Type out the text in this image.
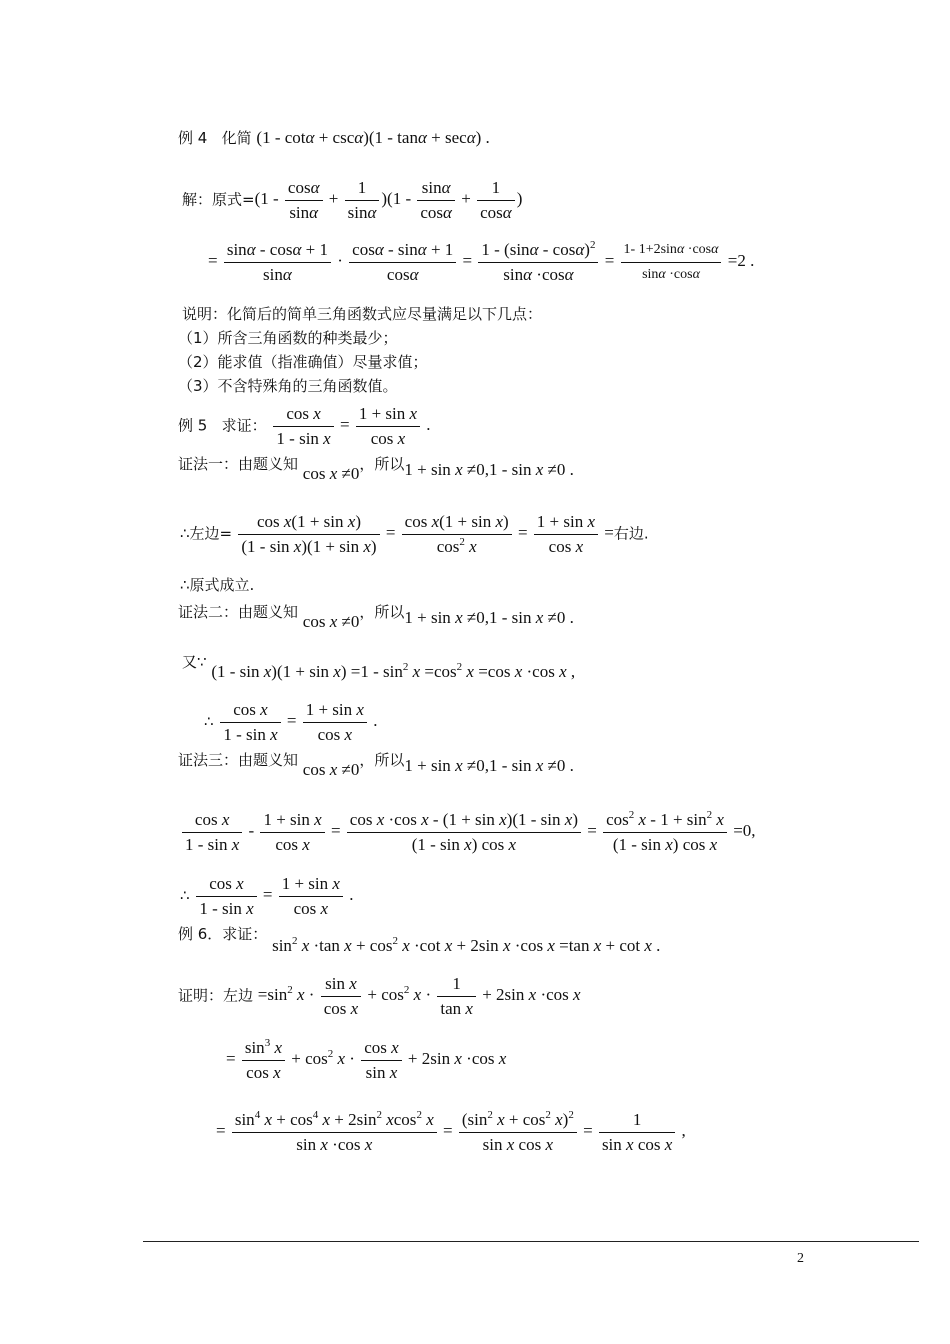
例 4 化简 (1 - cotα + cscα)(1 - tanα + secα) .
解：原式$=(1 - \frac{\cos\alpha}{\sin\alpha} + \frac{1}{\sin\alpha} )(1 - \frac{\sin\alpha}{\cos\alpha} + \frac{1}{\cos\alpha}$ )
= $\frac{\sin\alpha - \cos\alpha + 1}{\sin\alpha} \cdot \frac{\cos\alpha - \sin\alpha + 1}{\cos\alpha} = \frac{1 - (\sin\alpha - \cos\alpha)^2}{\sin\alpha \cdot\cos\alpha} = \frac{1- 1+2\sin\alpha \cdot\cos\alpha}{\sin\alpha \cdot\cos\alpha} =2$ .
说明：化简后的简单三角函数式应尽量满足以下几点：
（1）所含三角函数的种类最少；
（2）能求值（指准确值）尽量求值；
（3）不含特殊角的三角函数值。
例 5 求证： $\frac{\text{cos x}}{\text{1 - sin x}} = \frac{\text{1 + sin x}}{\text{cos x}}$ .
证法一：由题义知 cos x ≠0，所以1 + sin x ≠0,1 - sin x ≠0 .
∴左边= $\frac{\text{cos x(1 + sin x)}}{\text{(1 - sin x)(1 + sin x)}} = \frac{\text{cos x(1 + sin x)}}{\cos^2 x} = \frac{\text{1 + sin x}}{\text{cos x}}$ =右边.
∴原式成立.
证法二：由题义知 cos x ≠0，所以1 + sin x ≠0,1 - sin x ≠0 .
又∵ $(1 - \sin x)(1 + \sin x) =1 - \sin^2 x =\cos^2$ x =cos x ·cos x ,
∴ $\frac{\text{cos x}}{\text{1 - sin x}} = \frac{\text{1 + sin x}}{\text{cos x}}$ .
证法三：由题义知 cos x ≠0，所以1 + sin x ≠0,1 - sin x ≠0 .
$\frac{\text{cos x}}{\text{1 - sin x}} - \frac{\text{1 + sin x}}{\text{cos x}} = \frac{\text{cos x ·cos x - (1 + sin x)(1 - sin x)}}{\text{(1 - sin x) cos x}} = \frac{\cos^2 x - 1 + \sin^2 x}{\text{(1 - sin x) cos x}} =0$,
∴ $\frac{\text{cos x}}{\text{1 - sin x}} = \frac{\text{1 + sin x}}{\text{cos x}}$ .
例 6．求证： $\sin^2 x \cdot\tan$ $x + \cos^2 x \cdot\cot$ x + 2sin x ·cos x =tan x + cot x .
证明：左边 $=\sin^2$ $x \cdot \frac{\text{sin x}}{\text{cos x}} + \cos^2 x \cdot \frac{1}{\text{tan x}} + 2\sin$ x ·cos x
= $\frac{\sin^3 x}{\text{cos x}} + \cos^2 x \cdot \frac{\text{cos x}}{\text{sin x}} + 2\sin$ x ·cos x
= $\frac{\sin^4 x + \cos^4 x + 2\sin^2 xcos^2 x}{\text{sin x ·cos x}} = \frac{(\sin^2 x + \cos^2 x)^2}{\text{sin x cos x}} = \frac{1}{\text{sin x cos x}}$ ,
2
